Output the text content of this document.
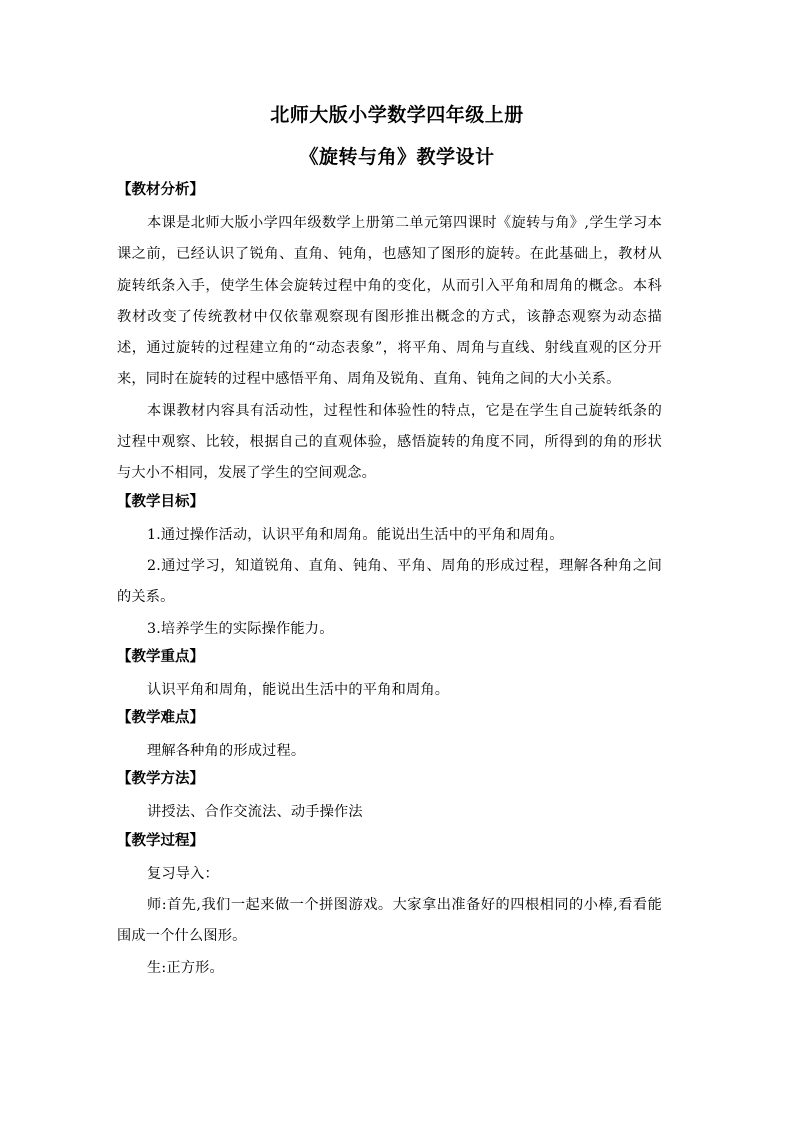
北师大版小学数学四年级上册
《旋转与角》教学设计
【教材分析】

本课是北师大版小学四年级数学上册第二单元第四课时《旋转与角》,学生学习本课之前，已经认识了锐角、直角、钝角，也感知了图形的旋转。在此基础上，教材从旋转纸条入手，使学生体会旋转过程中角的变化，从而引入平角和周角的概念。本科教材改变了传统教材中仅依靠观察现有图形推出概念的方式，该静态观察为动态描述，通过旋转的过程建立角的“动态表象”，将平角、周角与直线、射线直观的区分开来，同时在旋转的过程中感悟平角、周角及锐角、直角、钝角之间的大小关系。

本课教材内容具有活动性，过程性和体验性的特点，它是在学生自己旋转纸条的过程中观察、比较，根据自己的直观体验，感悟旋转的角度不同，所得到的角的形状与大小不相同，发展了学生的空间观念。

【教学目标】

1.通过操作活动，认识平角和周角。能说出生活中的平角和周角。

2.通过学习，知道锐角、直角、钝角、平角、周角的形成过程，理解各种角之间的关系。

3.培养学生的实际操作能力。

【教学重点】

认识平角和周角，能说出生活中的平角和周角。

【教学难点】

理解各种角的形成过程。

【教学方法】

讲授法、合作交流法、动手操作法

【教学过程】

复习导入：

师:首先,我们一起来做一个拼图游戏。大家拿出准备好的四根相同的小棒,看看能围成一个什么图形。

生:正方形。
